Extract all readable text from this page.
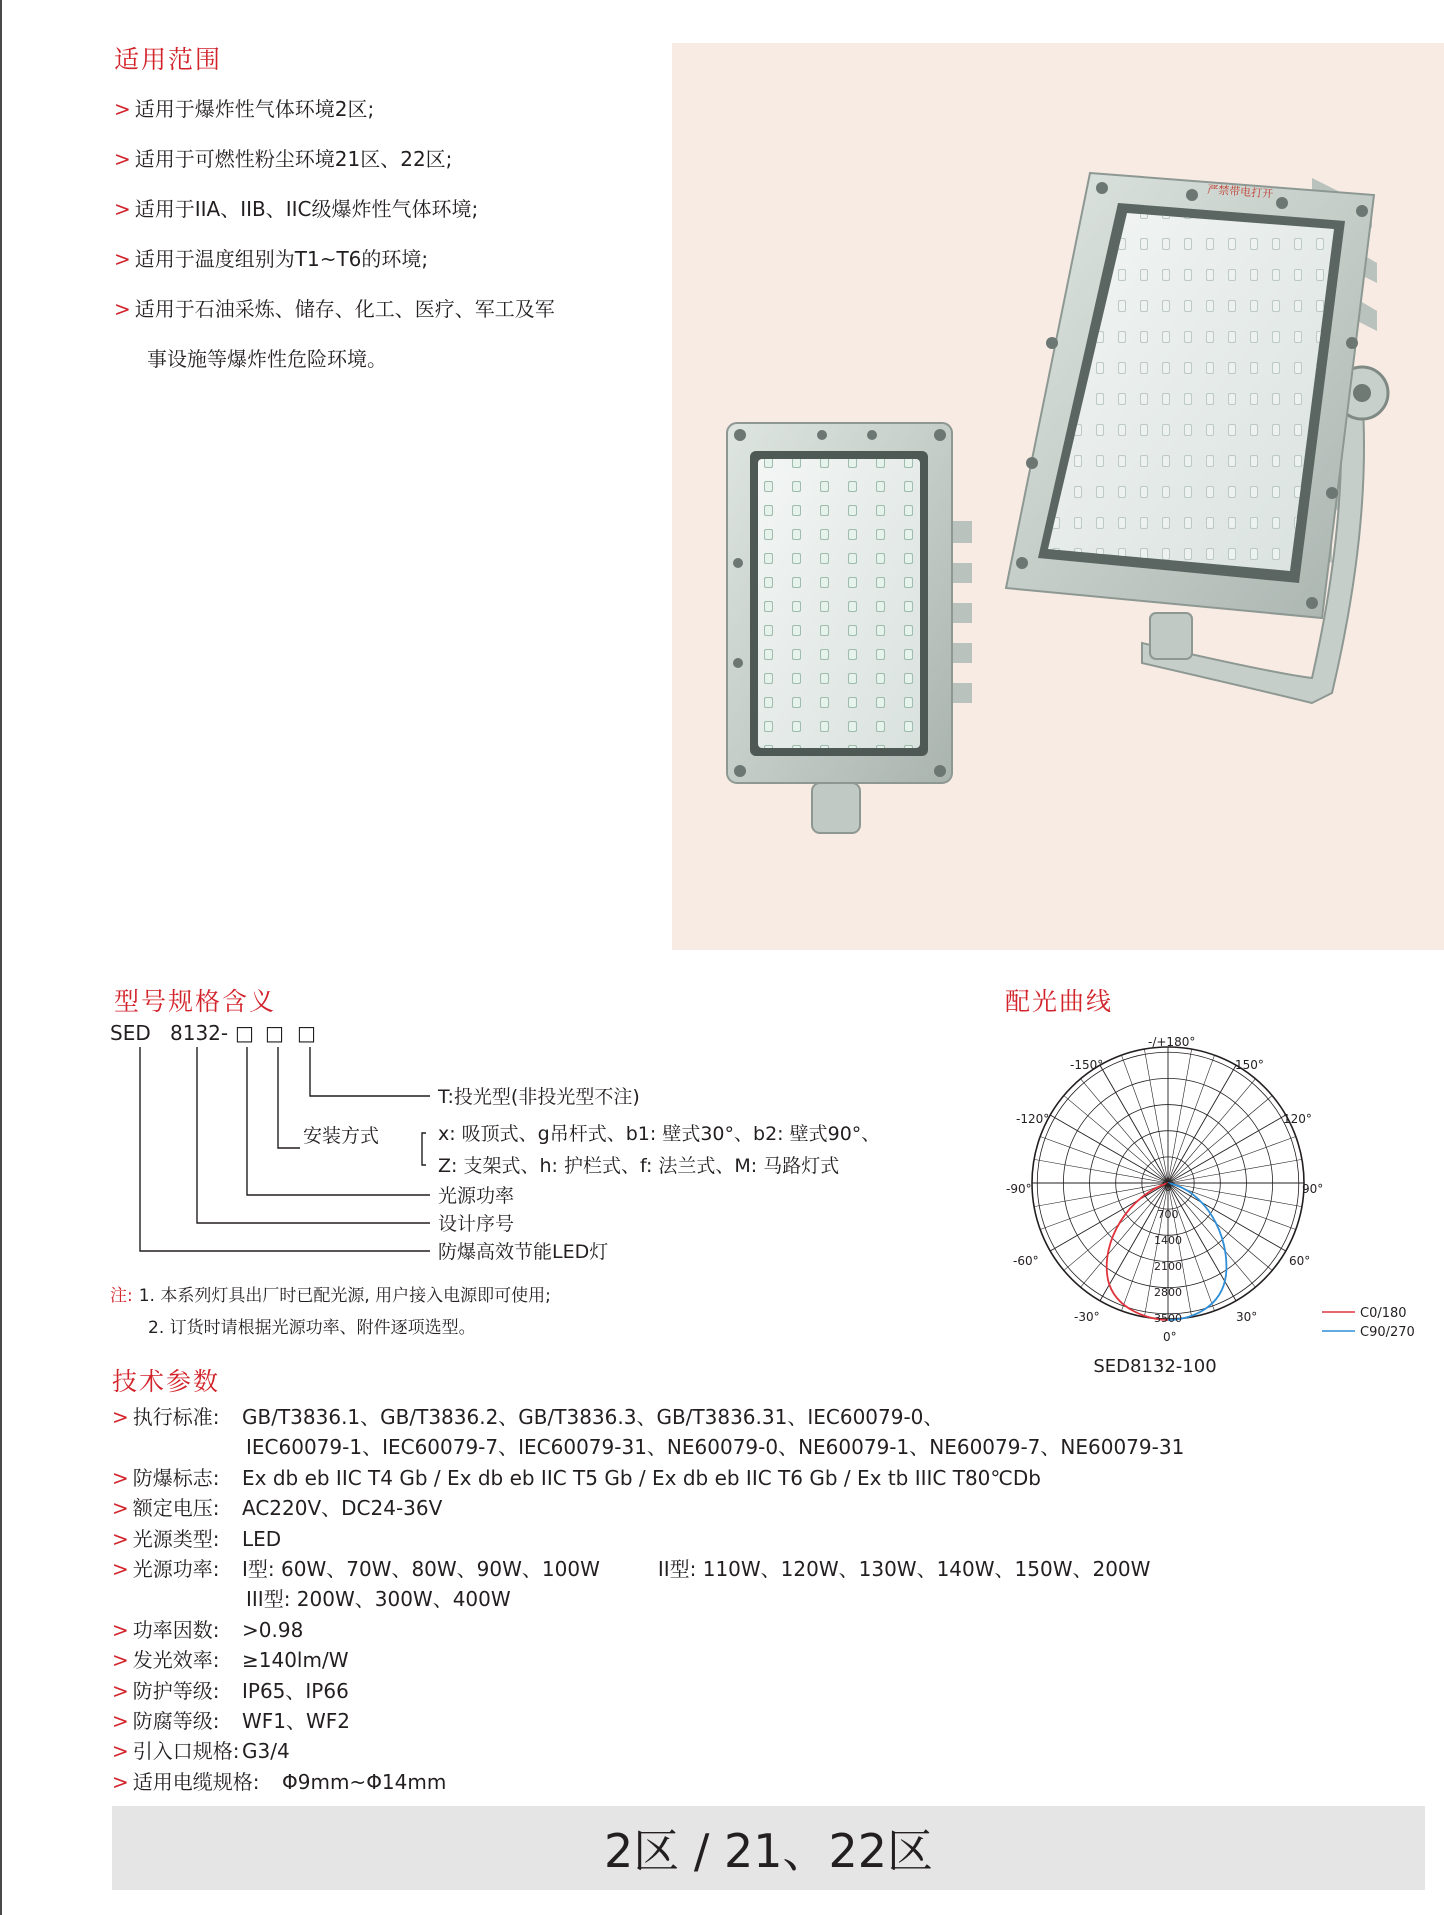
适用范围
> 适用于爆炸性气体环境2区;
> 适用于可燃性粉尘环境21区、22区;
> 适用于IIA、IIB、IIC级爆炸性气体环境;
> 适用于温度组别为T1~T6的环境;
> 适用于石油采炼、储存、化工、医疗、军工及军
事设施等爆炸性危险环境。
严禁带电打开
型号规格含义
SED 8132- □ □ □
T:投光型(非投光型不注)
安装方式	x: 吸顶式、g吊杆式、b1: 壁式30°、b2: 壁式90°、
Z: 支架式、h: 护栏式、f: 法兰式、M: 马路灯式
光源功率
设计序号
防爆高效节能LED灯
注: 1. 本系列灯具出厂时已配光源, 用户接入电源即可使用;
2. 订货时请根据光源功率、附件逐项选型。
配光曲线
-/+180°
-150°	150°
-120°	120°
-90°	90°
-60°	60°
-30°	30°
0°
0
700
1400
2100
2800
3500	C0/180
C90/270
SED8132-100
技术参数
> 执行标准:	GB/T3836.1、GB/T3836.2、GB/T3836.3、GB/T3836.31、IEC60079-0、
IEC60079-1、IEC60079-7、IEC60079-31、NE60079-0、NE60079-1、NE60079-7、NE60079-31
> 防爆标志:	Ex db eb IIC T4 Gb / Ex db eb IIC T5 Gb / Ex db eb IIC T6 Gb / Ex tb IIIC T80℃Db
> 额定电压:	AC220V、DC24-36V
> 光源类型:	LED
> 光源功率:	I型: 60W、70W、80W、90W、100W	II型: 110W、120W、130W、140W、150W、200W
III型: 200W、300W、400W
> 功率因数:	>0.98
> 发光效率:	≥140lm/W
> 防护等级:	IP65、IP66
> 防腐等级:	WF1、WF2
> 引入口规格: G3/4
> 适用电缆规格:	Φ9mm~Φ14mm
2区 / 21、22区
